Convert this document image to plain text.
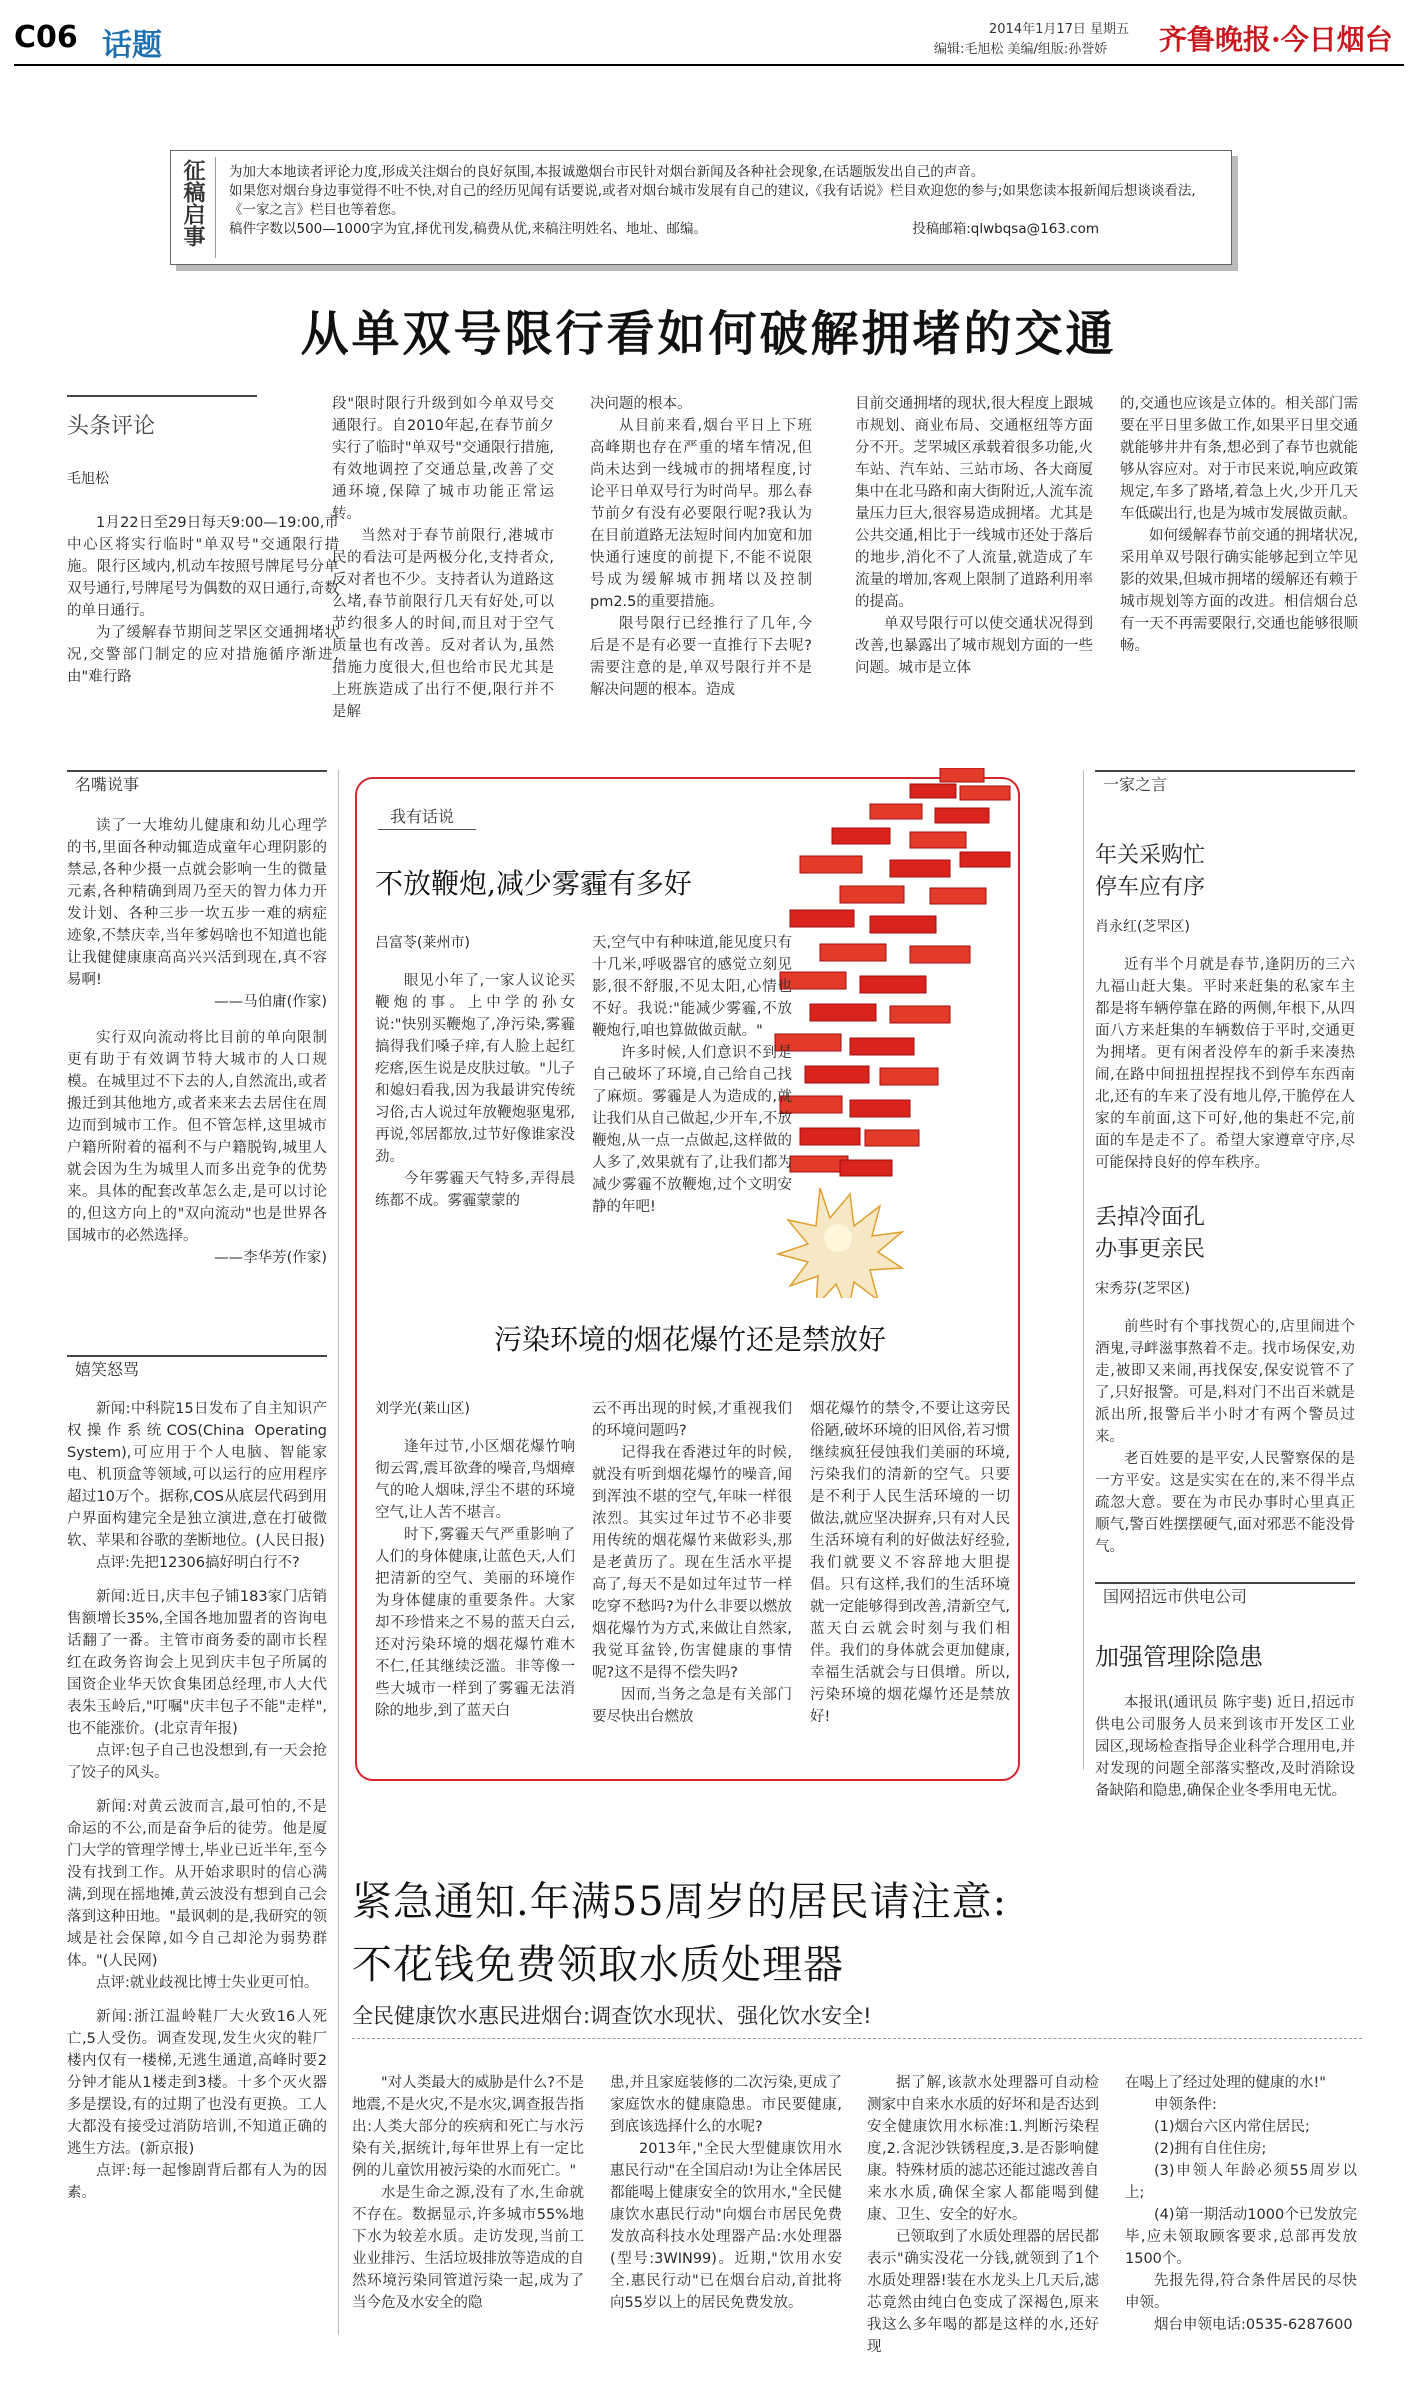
C06 话题	2014年1月17日 星期五
编辑:毛旭松 美编/组版:孙誉娇 齐鲁晚报·今日烟台
征稿启事 为加大本地读者评论力度,形成关注烟台的良好氛围,本报诚邀烟台市民针对烟台新闻及各种社会现象,在话题版发出自己的声音。
如果您对烟台身边事觉得不吐不快,对自己的经历见闻有话要说,或者对烟台城市发展有自己的建议,《我有话说》栏目欢迎您的参与;如果您读本报新闻后想谈谈看法,《一家之言》栏目也等着您。
稿件字数以500—1000字为宜,择优刊发,稿费从优,来稿注明姓名、地址、邮编。	投稿邮箱:qlwbqsa@163.com
从单双号限行看如何破解拥堵的交通
头条评论
毛旭松

1月22日至29日每天9:00—19:00,市中心区将实行临时"单双号"交通限行措施。限行区域内,机动车按照号牌尾号分单双号通行,号牌尾号为偶数的双日通行,奇数的单日通行。

为了缓解春节期间芝罘区交通拥堵状况,交警部门制定的应对措施循序渐进,由"难行路

段"限时限行升级到如今单双号交通限行。自2010年起,在春节前夕实行了临时"单双号"交通限行措施,有效地调控了交通总量,改善了交通环境,保障了城市功能正常运转。

当然对于春节前限行,港城市民的看法可是两极分化,支持者众,反对者也不少。支持者认为道路这么堵,春节前限行几天有好处,可以节约很多人的时间,而且对于空气质量也有改善。反对者认为,虽然措施力度很大,但也给市民尤其是上班族造成了出行不便,限行并不是解

决问题的根本。

从目前来看,烟台平日上下班高峰期也存在严重的堵车情况,但尚未达到一线城市的拥堵程度,讨论平日单双号行为时尚早。那么春节前夕有没有必要限行呢?我认为在目前道路无法短时间内加宽和加快通行速度的前提下,不能不说限号成为缓解城市拥堵以及控制pm2.5的重要措施。

限号限行已经推行了几年,今后是不是有必要一直推行下去呢?需要注意的是,单双号限行并不是解决问题的根本。造成

目前交通拥堵的现状,很大程度上跟城市规划、商业布局、交通枢纽等方面分不开。芝罘城区承载着很多功能,火车站、汽车站、三站市场、各大商厦集中在北马路和南大街附近,人流车流量压力巨大,很容易造成拥堵。尤其是公共交通,相比于一线城市还处于落后的地步,消化不了人流量,就造成了车流量的增加,客观上限制了道路利用率的提高。

单双号限行可以使交通状况得到改善,也暴露出了城市规划方面的一些问题。城市是立体

的,交通也应该是立体的。相关部门需要在平日里多做工作,如果平日里交通就能够井井有条,想必到了春节也就能够从容应对。对于市民来说,响应政策规定,车多了路堵,着急上火,少开几天车低碳出行,也是为城市发展做贡献。

如何缓解春节前交通的拥堵状况,采用单双号限行确实能够起到立竿见影的效果,但城市拥堵的缓解还有赖于城市规划等方面的改进。相信烟台总有一天不再需要限行,交通也能够很顺畅。

名嘴说事

读了一大堆幼儿健康和幼儿心理学的书,里面各种动辄造成童年心理阴影的禁忌,各种少摄一点就会影响一生的微量元素,各种精确到周乃至天的智力体力开发计划、各种三步一坎五步一难的病症迹象,不禁庆幸,当年爹妈啥也不知道也能让我健健康康高高兴兴活到现在,真不容易啊!

——马伯庸(作家)

实行双向流动将比目前的单向限制更有助于有效调节特大城市的人口规模。在城里过不下去的人,自然流出,或者搬迁到其他地方,或者来来去去居住在周边而到城市工作。但不管怎样,这里城市户籍所附着的福利不与户籍脱钩,城里人就会因为生为城里人而多出竞争的优势来。具体的配套改革怎么走,是可以讨论的,但这方向上的"双向流动"也是世界各国城市的必然选择。

——李华芳(作家)

嬉笑怒骂

新闻:中科院15日发布了自主知识产权操作系统COS(China Operating System),可应用于个人电脑、智能家电、机顶盒等领域,可以运行的应用程序超过10万个。据称,COS从底层代码到用户界面构建完全是独立演进,意在打破微软、苹果和谷歌的垄断地位。(人民日报)

点评:先把12306搞好明白行不?

新闻:近日,庆丰包子铺183家门店销售额增长35%,全国各地加盟者的咨询电话翻了一番。主管市商务委的副市长程红在政务咨询会上见到庆丰包子所属的国资企业华天饮食集团总经理,市人大代表朱玉岭后,"叮嘱"庆丰包子不能"走样",也不能涨价。(北京青年报)

点评:包子自己也没想到,有一天会抢了饺子的风头。

新闻:对黄云波而言,最可怕的,不是命运的不公,而是奋争后的徒劳。他是厦门大学的管理学博士,毕业已近半年,至今没有找到工作。从开始求职时的信心满满,到现在摇地摊,黄云波没有想到自己会落到这种田地。"最讽刺的是,我研究的领域是社会保障,如今自己却沦为弱势群体。"(人民网)

点评:就业歧视比博士失业更可怕。

新闻:浙江温岭鞋厂大火致16人死亡,5人受伤。调查发现,发生火灾的鞋厂楼内仅有一楼梯,无逃生通道,高峰时要2分钟才能从1楼走到3楼。十多个灭火器多是摆设,有的过期了也没有更换。工人大都没有接受过消防培训,不知道正确的逃生方法。(新京报)

点评:每一起惨剧背后都有人为的因素。

我有话说
不放鞭炮,减少雾霾有多好
吕富苓(莱州市)

眼见小年了,一家人议论买鞭炮的事。上中学的孙女说:"快别买鞭炮了,净污染,雾霾搞得我们嗓子痒,有人脸上起红疙瘩,医生说是皮肤过敏。"儿子和媳妇看我,因为我最讲究传统习俗,古人说过年放鞭炮驱鬼邪,再说,邻居都放,过节好像谁家没劲。

今年雾霾天气特多,弄得晨练都不成。雾霾蒙蒙的

天,空气中有种味道,能见度只有十几米,呼吸器官的感觉立刻见影,很不舒服,不见太阳,心情也不好。我说:"能减少雾霾,不放鞭炮行,咱也算做做贡献。"

许多时候,人们意识不到是自己破坏了环境,自己给自己找了麻烦。雾霾是人为造成的,就让我们从自己做起,少开车,不放鞭炮,从一点一点做起,这样做的人多了,效果就有了,让我们都为减少雾霾不放鞭炮,过个文明安静的年吧!

污染环境的烟花爆竹还是禁放好
刘学光(莱山区)

逢年过节,小区烟花爆竹响彻云霄,震耳欲聋的噪音,鸟烟瘴气的呛人烟味,浮尘不堪的环境空气,让人苦不堪言。

时下,雾霾天气严重影响了人们的身体健康,让蓝色天,人们把清新的空气、美丽的环境作为身体健康的重要条件。大家却不珍惜来之不易的蓝天白云,还对污染环境的烟花爆竹难木不仁,任其继续泛滥。非等像一些大城市一样到了雾霾无法消除的地步,到了蓝天白

云不再出现的时候,才重视我们的环境问题吗?

记得我在香港过年的时候,就没有听到烟花爆竹的噪音,闻到浑浊不堪的空气,年味一样很浓烈。其实过年过节不必非要用传统的烟花爆竹来做彩头,那是老黄历了。现在生活水平提高了,每天不是如过年过节一样吃穿不愁吗?为什么非要以燃放烟花爆竹为方式,来做让自然家,我觉耳盆铃,伤害健康的事情呢?这不是得不偿失吗?

因而,当务之急是有关部门要尽快出台燃放

烟花爆竹的禁令,不要让这旁民俗陋,破坏环境的旧风俗,若习惯继续疯狂侵蚀我们美丽的环境,污染我们的清新的空气。只要是不利于人民生活环境的一切做法,就应坚决摒弃,只有对人民生活环境有利的好做法好经验,我们就要义不容辞地大胆提倡。只有这样,我们的生活环境就一定能够得到改善,清新空气,蓝天白云就会时刻与我们相伴。我们的身体就会更加健康,幸福生活就会与日俱增。所以,污染环境的烟花爆竹还是禁放好!

一家之言
年关采购忙 停车应有序
肖永红(芝罘区)

近有半个月就是春节,逢阴历的三六九福山赶大集。平时来赶集的私家车主都是将车辆停靠在路的两侧,年根下,从四面八方来赶集的车辆数倍于平时,交通更为拥堵。更有闲者没停车的新手来凑热闹,在路中间扭扭捏捏找不到停车东西南北,还有的车来了没有地儿停,干脆停在人家的车前面,这下可好,他的集赶不完,前面的车是走不了。希望大家遵章守序,尽可能保持良好的停车秩序。

丢掉冷面孔 办事更亲民
宋秀芬(芝罘区)

前些时有个事找贺心的,店里闹进个酒鬼,寻衅滋事熬着不走。找市场保安,劝走,被即又来闹,再找保安,保安说管不了了,只好报警。可是,料对门不出百米就是派出所,报警后半小时才有两个警员过来。

老百姓要的是平安,人民警察保的是一方平安。这是实实在在的,来不得半点疏忽大意。要在为市民办事时心里真正顺气,警百姓摆摆硬气,面对邪恶不能没骨气。

国网招远市供电公司
加强管理除隐患

本报讯(通讯员 陈宇斐) 近日,招远市供电公司服务人员来到该市开发区工业园区,现场检查指导企业科学合理用电,并对发现的问题全部落实整改,及时消除设备缺陷和隐患,确保企业冬季用电无忧。

紧急通知.年满55周岁的居民请注意:
不花钱免费领取水质处理器
全民健康饮水惠民进烟台:调查饮水现状、强化饮水安全!

"对人类最大的威胁是什么?不是地震,不是火灾,不是水灾,调查报告指出:人类大部分的疾病和死亡与水污染有关,据统计,每年世界上有一定比例的儿童饮用被污染的水而死亡。"

水是生命之源,没有了水,生命就不存在。数据显示,许多城市55%地下水为较差水质。走访发现,当前工业业排污、生活垃圾排放等造成的自然环境污染同管道污染一起,成为了当今危及水安全的隐

患,并且家庭装修的二次污染,更成了家庭饮水的健康隐患。市民要健康,到底该选择什么的水呢?

2013年,"全民大型健康饮用水惠民行动"在全国启动!为让全体居民都能喝上健康安全的饮用水,"全民健康饮水惠民行动"向烟台市居民免费发放高科技水处理器产品:水处理器(型号:3WIN99)。近期,"饮用水安全.惠民行动"已在烟台启动,首批将向55岁以上的居民免费发放。

据了解,该款水处理器可自动检测家中自来水水质的好坏和是否达到安全健康饮用水标准:1.判断污染程度,2.含泥沙铁锈程度,3.是否影响健康。特殊材质的滤芯还能过滤改善自来水水质,确保全家人都能喝到健康、卫生、安全的好水。

已领取到了水质处理器的居民都表示"确实没花一分钱,就领到了1个水质处理器!装在水龙头上几天后,滤芯竟然由纯白色变成了深褐色,原来我这么多年喝的都是这样的水,还好现

在喝上了经过处理的健康的水!"

申领条件:

(1)烟台六区内常住居民;

(2)拥有自住住房;

(3)申领人年龄必须55周岁以上;

(4)第一期活动1000个已发放完毕,应未领取顾客要求,总部再发放1500个。

先报先得,符合条件居民的尽快申领。

烟台申领电话:0535-6287600
